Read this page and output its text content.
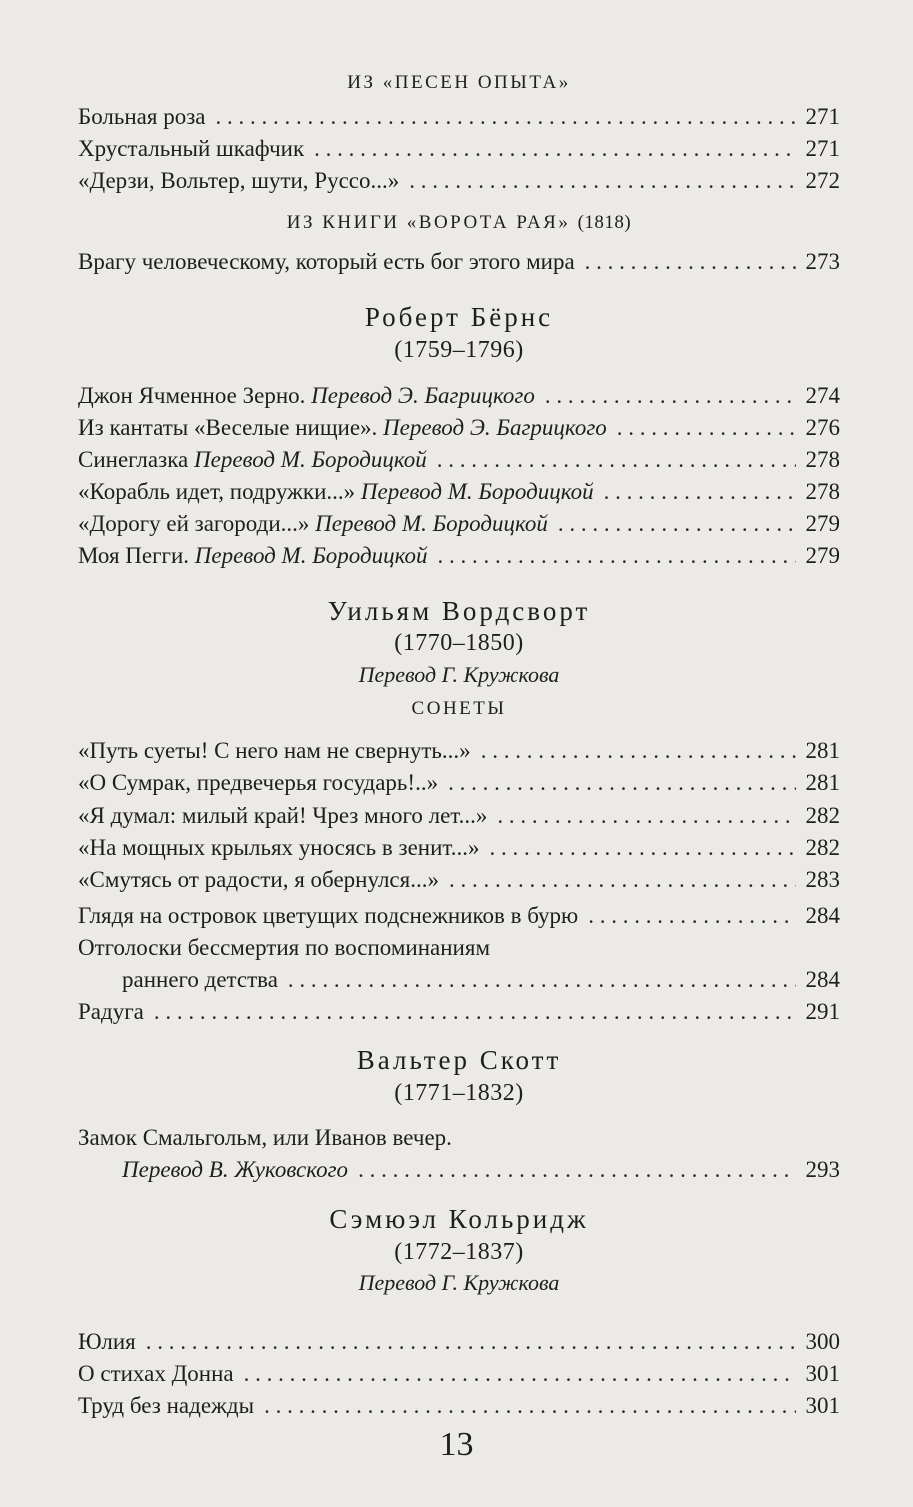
ИЗ «ПЕСЕН ОПЫТА»
Больная роза . . .	271
Хрустальный шкафчик . . .	271
«Дерзи, Вольтер, шути, Руссо...» . . .	272
ИЗ КНИГИ «ВОРОТА РАЯ» (1818)
Врагу человеческому, который есть бог этого мира . . .	273
Роберт Бёрнс
(1759–1796)
Джон Ячменное Зерно. Перевод Э. Багрицкого . . .	274
Из кантаты «Веселые нищие». Перевод Э. Багрицкого . . .	276
Синеглазка Перевод М. Бородицкой . . .	278
«Корабль идет, подружки...» Перевод М. Бородицкой . . .	278
«Дорогу ей загороди...» Перевод М. Бородицкой . . .	279
Моя Пегги. Перевод М. Бородицкой . . .	279
Уильям Вордсворт
(1770–1850)
Перевод Г. Кружкова
СОНЕТЫ
«Путь суеты! С него нам не свернуть...» . . .	281
«О Сумрак, предвечерья государь!..» . . .	281
«Я думал: милый край! Чрез много лет...» . . .	282
«На мощных крыльях уносясь в зенит...» . . .	282
«Смутясь от радости, я обернулся...» . . .	283
Глядя на островок цветущих подснежников в бурю . . .	284
Отголоски бессмертия по воспоминаниям
раннего детства . . .	284
Радуга . . .	291
Вальтер Скотт
(1771–1832)
Замок Смальгольм, или Иванов вечер.
Перевод В. Жуковского . . .	293
Сэмюэл Кольридж
(1772–1837)
Перевод Г. Кружкова
Юлия . . .	300
О стихах Донна . . .	301
Труд без надежды . . .	301
13
